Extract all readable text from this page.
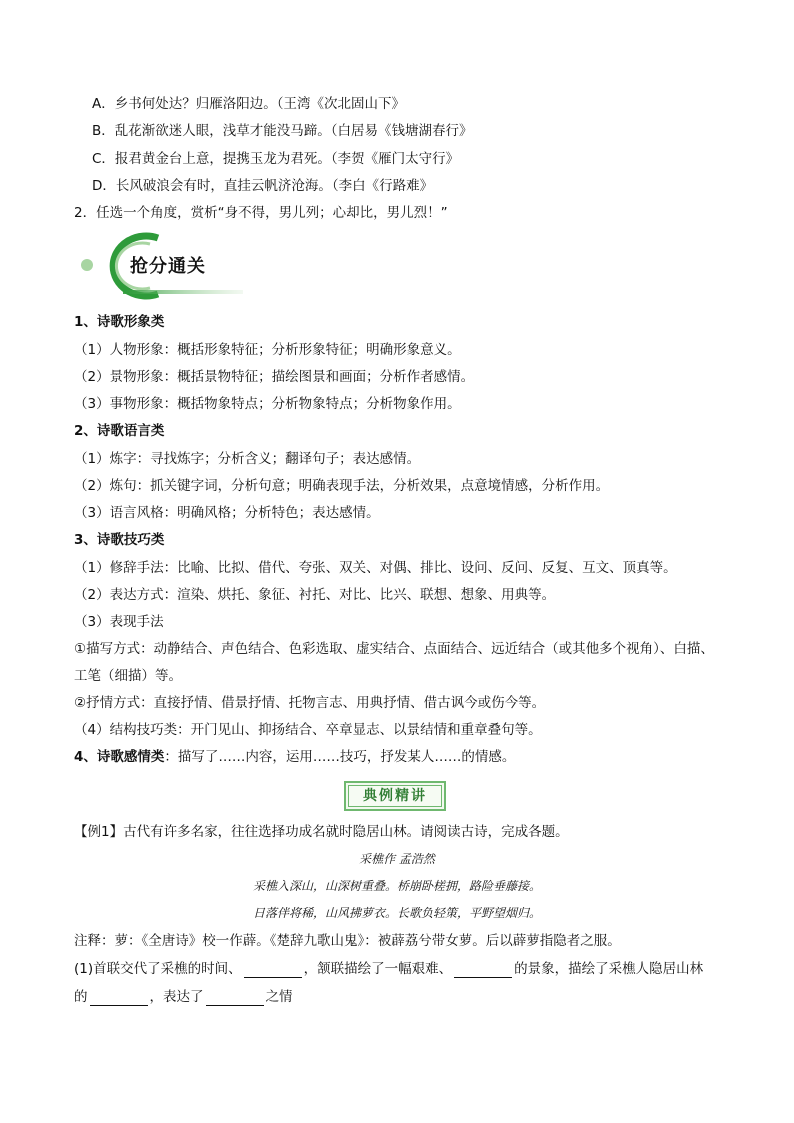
A．乡书何处达？归雁洛阳边。（王湾《次北固山下》
B．乱花渐欲迷人眼，浅草才能没马蹄。（白居易《钱塘湖春行》
C．报君黄金台上意，提携玉龙为君死。（李贺《雁门太守行》
D．长风破浪会有时，直挂云帆济沧海。（李白《行路难》
2．任选一个角度，赏析“身不得，男儿列；心却比，男儿烈！”
抢分通关
1、诗歌形象类
（1）人物形象：概括形象特征；分析形象特征；明确形象意义。
（2）景物形象：概括景物特征；描绘图景和画面；分析作者感情。
（3）事物形象：概括物象特点；分析物象特点；分析物象作用。
2、诗歌语言类
（1）炼字：寻找炼字；分析含义；翻译句子；表达感情。
（2）炼句：抓关键字词，分析句意；明确表现手法，分析效果，点意境情感，分析作用。
（3）语言风格：明确风格；分析特色；表达感情。
3、诗歌技巧类
（1）修辞手法：比喻、比拟、借代、夸张、双关、对偶、排比、设问、反问、反复、互文、顶真等。
（2）表达方式：渲染、烘托、象征、衬托、对比、比兴、联想、想象、用典等。
（3）表现手法
①描写方式：动静结合、声色结合、色彩选取、虚实结合、点面结合、远近结合（或其他多个视角）、白描、
工笔（细描）等。
②抒情方式：直接抒情、借景抒情、托物言志、用典抒情、借古讽今或伤今等。
（4）结构技巧类：开门见山、抑扬结合、卒章显志、以景结情和重章叠句等。
4、诗歌感情类：描写了……内容，运用……技巧，抒发某人……的情感。
典例精讲
【例1】古代有许多名家，往往选择功成名就时隐居山林。请阅读古诗，完成各题。
采樵作 孟浩然
采樵入深山，山深树重叠。桥崩卧槎拥，路险垂藤接。
日落伴将稀，山风拂萝衣。长歌负轻策，平野望烟归。
注释：萝：《全唐诗》校一作薜。《楚辞九歌山鬼》：被薜荔兮带女萝。后以薜萝指隐者之服。
(1)首联交代了采樵的时间、	，颔联描绘了一幅艰难、	的景象，描绘了采樵人隐居山林
的	，表达了	之情
